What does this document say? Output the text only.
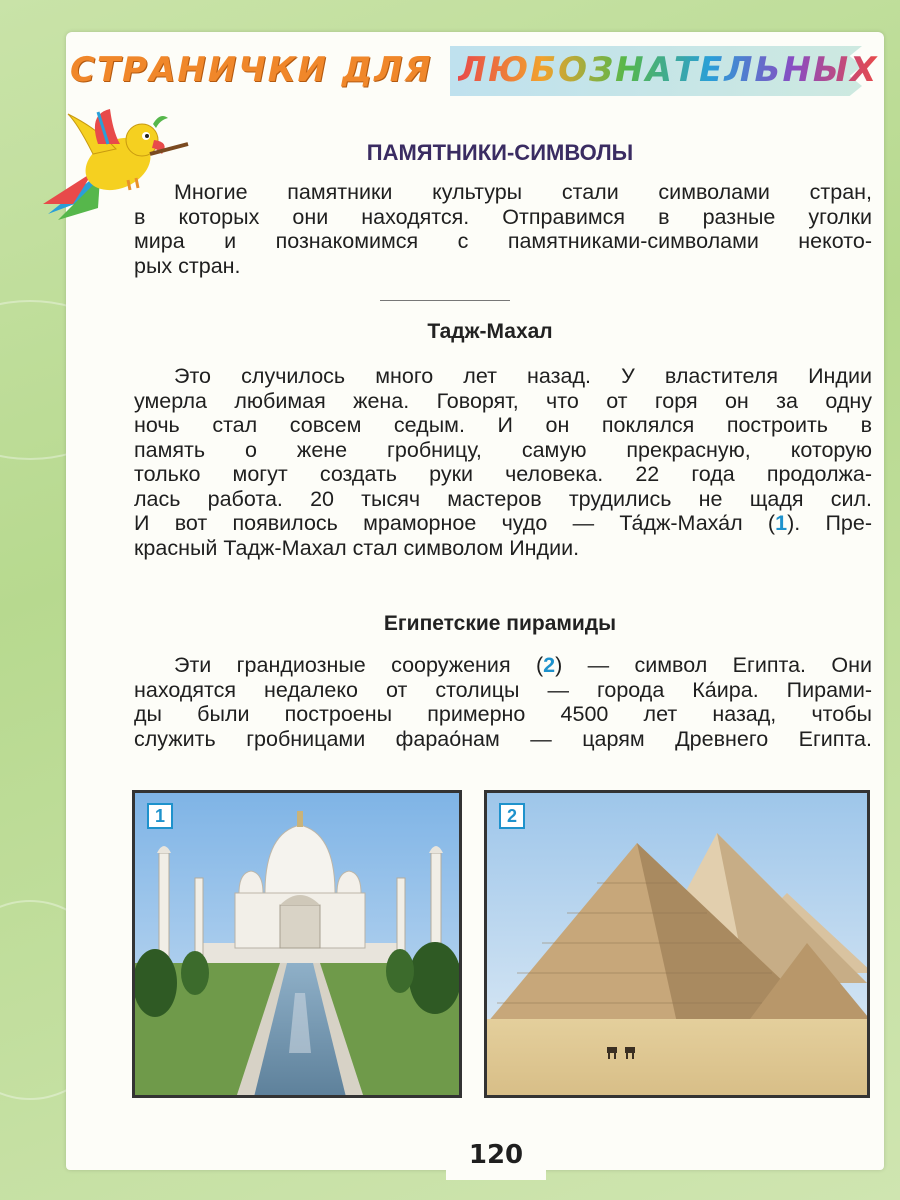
СТРАНИЧКИ ДЛЯ ЛЮБОЗНАТЕЛЬНЫХ
ПАМЯТНИКИ-СИМВОЛЫ
Многие памятники культуры стали символами стран,
в которых они находятся. Отправимся в разные уголки
мира и познакомимся с памятниками-символами некото-
рых стран.
Тадж-Махал
Это случилось много лет назад. У властителя Индии
умерла любимая жена. Говорят, что от горя он за одну
ночь стал совсем седым. И он поклялся построить в
память о жене гробницу, самую прекрасную, которую
только могут создать руки человека. 22 года продолжа-
лась работа. 20 тысяч мастеров трудились не щадя сил.
И вот появилось мраморное чудо — Та́дж-Маха́л (1). Пре-
красный Тадж-Махал стал символом Индии.
Египетские пирамиды
Эти грандиозные сооружения (2) — символ Египта. Они
находятся недалеко от столицы — города Ка́ира. Пирами-
ды были построены примерно 4500 лет назад, чтобы
служить гробницами фарао́нам — царям Древнего Египта.
1	2
120
